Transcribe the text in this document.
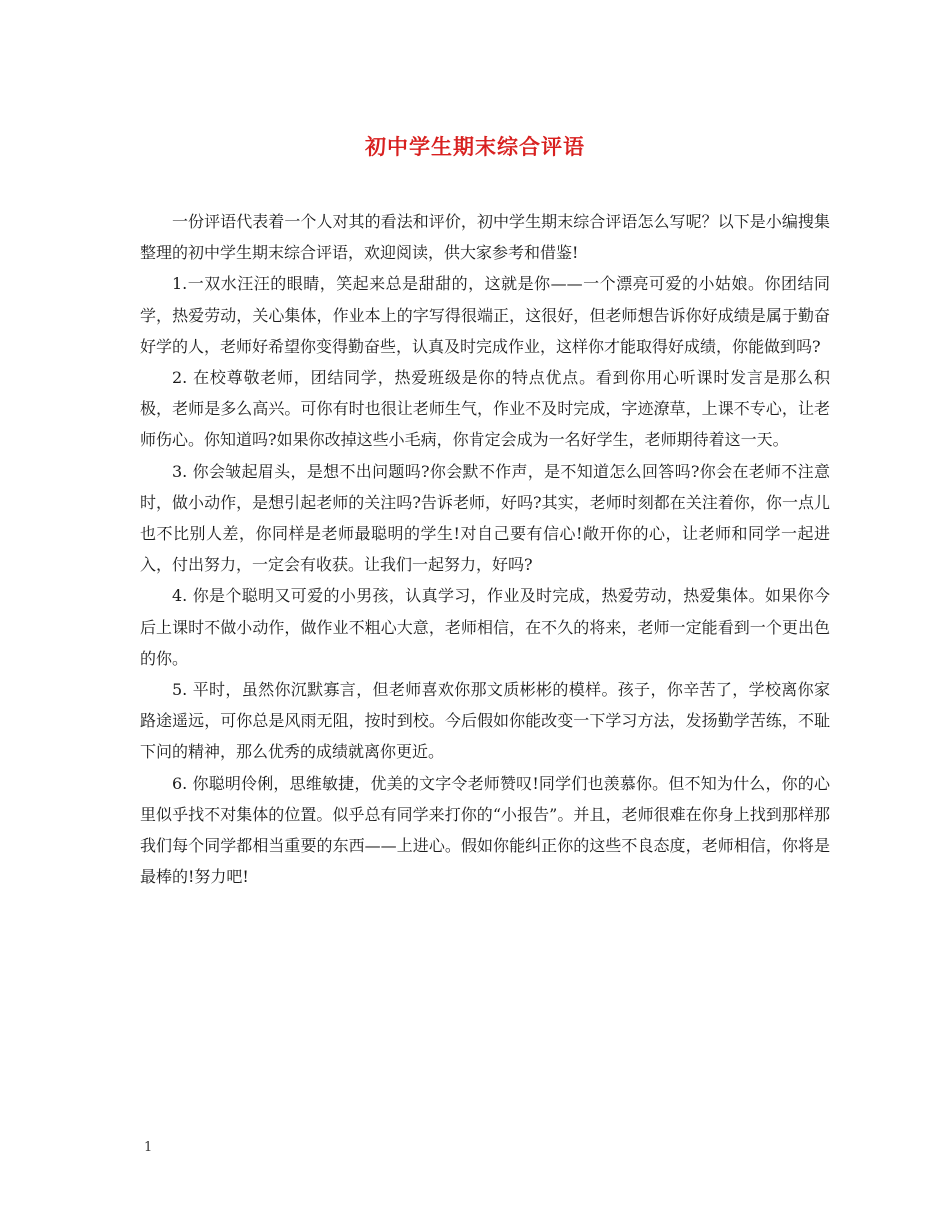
初中学生期末综合评语

一份评语代表着一个人对其的看法和评价，初中学生期末综合评语怎么写呢？以下是小编搜集整理的初中学生期末综合评语，欢迎阅读，供大家参考和借鉴!

1.一双水汪汪的眼睛，笑起来总是甜甜的，这就是你——一个漂亮可爱的小姑娘。你团结同学，热爱劳动，关心集体，作业本上的字写得很端正，这很好，但老师想告诉你好成绩是属于勤奋好学的人，老师好希望你变得勤奋些，认真及时完成作业，这样你才能取得好成绩，你能做到吗?

2. 在校尊敬老师，团结同学，热爱班级是你的特点优点。看到你用心听课时发言是那么积极，老师是多么高兴。可你有时也很让老师生气，作业不及时完成，字迹潦草，上课不专心，让老师伤心。你知道吗?如果你改掉这些小毛病，你肯定会成为一名好学生，老师期待着这一天。

3. 你会皱起眉头，是想不出问题吗?你会默不作声，是不知道怎么回答吗?你会在老师不注意时，做小动作，是想引起老师的关注吗?告诉老师，好吗?其实，老师时刻都在关注着你，你一点儿也不比别人差，你同样是老师最聪明的学生!对自己要有信心!敞开你的心，让老师和同学一起进入，付出努力，一定会有收获。让我们一起努力，好吗?

4. 你是个聪明又可爱的小男孩，认真学习，作业及时完成，热爱劳动，热爱集体。如果你今后上课时不做小动作，做作业不粗心大意，老师相信，在不久的将来，老师一定能看到一个更出色的你。

5. 平时，虽然你沉默寡言，但老师喜欢你那文质彬彬的模样。孩子，你辛苦了，学校离你家路途遥远，可你总是风雨无阻，按时到校。今后假如你能改变一下学习方法，发扬勤学苦练，不耻下问的精神，那么优秀的成绩就离你更近。

6. 你聪明伶俐，思维敏捷，优美的文字令老师赞叹!同学们也羡慕你。但不知为什么，你的心里似乎找不对集体的位置。似乎总有同学来打你的“小报告”。并且，老师很难在你身上找到那样那我们每个同学都相当重要的东西——上进心。假如你能纠正你的这些不良态度，老师相信，你将是最棒的!努力吧!

1
